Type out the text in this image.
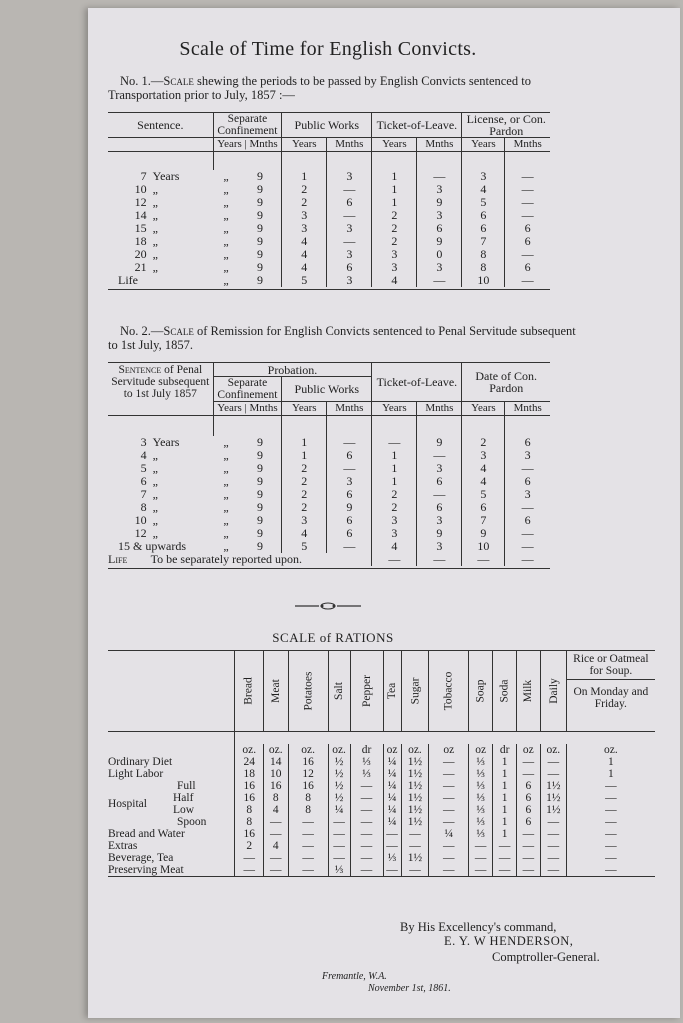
Scale of Time for English Convicts.
No. 1.—Scale shewing the periods to be passed by English Convicts sentenced to Transportation prior to July, 1857 :—
Sentence.		Separate Confinement		Public Works		Ticket-of-Leave.		License, or Con. Pardon	

		Years | Mnths		Years	Mnths	Years	Mnths	Years	Mnths

7	Years	„	9	1	3	1	—	3	—
10	„	„	9	2	—	1	3	4	—
12	„	„	9	2	6	1	9	5	—
14	„	„	9	3	—	2	3	6	—
15	„	„	9	3	3	2	6	6	6
18	„	„	9	4	—	2	9	7	6
20	„	„	9	4	3	3	0	8	—
21	„	„	9	4	6	3	3	8	6
Life		„	9	5	3	4	—	10	—

No. 2.—Scale of Remission for English Convicts sentenced to Penal Servitude subsequent to 1st July, 1857.
Sentence of Penal Servitude subsequent to 1st July 1857		Probation.				Ticket-of-Leave.		Date of Con. Pardon	
		Separate Confinement		Public Works					

		Years | Mnths		Years	Mnths	Years	Mnths	Years	Mnths

3	Years	„	9	1	—	—	9	2	6
4	„	„	9	1	6	1	—	3	3
5	„	„	9	2	—	1	3	4	—
6	„	„	9	2	3	1	6	4	6
7	„	„	9	2	6	2	—	5	3
8	„	„	9	2	9	2	6	6	—
10	„	„	9	3	6	3	3	7	6
12	„	„	9	4	6	3	9	9	—
15 & upwards		„	9	5	—	4	3	10	—
Life	To be separately reported upon.					—	—	—	—

SCALE of RATIONS
		Bread	Meat	Potatoes	Salt	Pepper	Tea	Sugar	Tobacco	Soap	Soda	Milk	Daily	Rice or Oatmeal for Soup.
On Monday and Friday.

		oz.	oz.	oz.	oz.	dr	oz	oz.	oz	oz	dr	oz	oz.	oz.
Ordinary Diet		24	14	16	½	⅓	¼	1½	—	⅓	1	—	—	1
Light Labor		18	10	12	½	⅓	¼	1½	—	⅓	1	—	—	1
Hospital	Full	16	16	16	½	—	¼	1½	—	⅓	1	6	1½	—
	Half	16	8	8	½	—	¼	1½	—	⅓	1	6	1½	—
	Low	8	4	8	¼	—	¼	1½	—	⅓	1	6	1½	—
	Spoon	8	—	—	—	—	¼	1½	—	⅓	1	6	—	—
Bread and Water		16	—	—	—	—	—	—	¼	⅓	1	—	—	—
Extras		2	4	—	—	—	—	—	—	—	—	—	—	—
Beverage, Tea		—	—	—	—	—	⅓	1½	—	—	—	—	—	—
Preserving Meat		—	—	—	⅓	—	—	—	—	—	—	—	—	—

By His Excellency's command,
E. Y. W HENDERSON,
Comptroller-General.
Fremantle, W.A.
November 1st, 1861.
